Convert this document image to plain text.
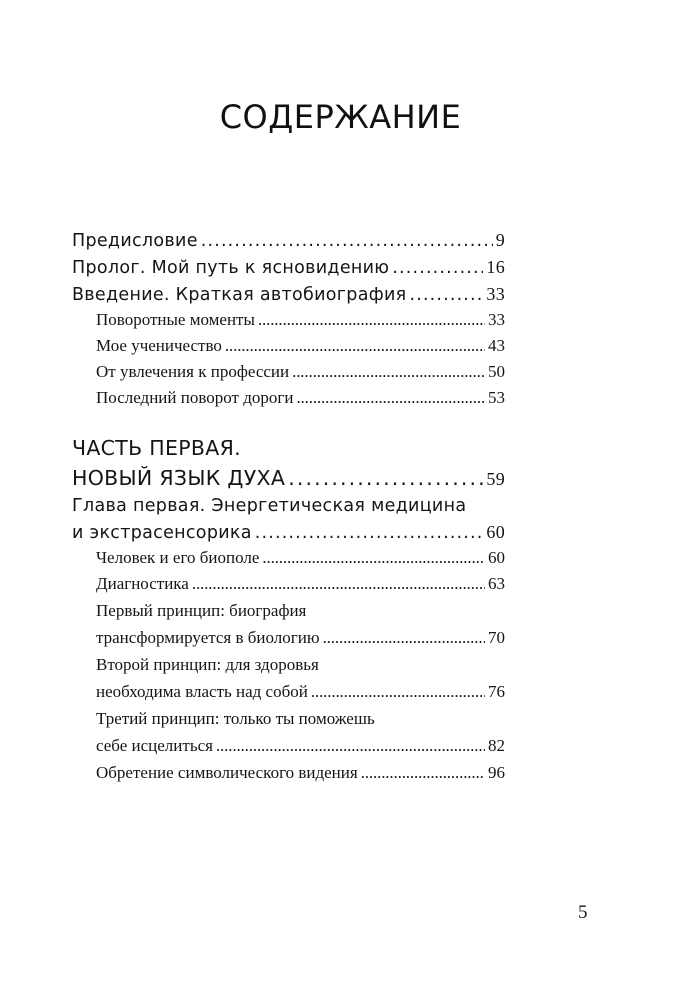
СОДЕРЖАНИЕ
Предисловие . . .	9
Пролог. Мой путь к ясновидению . . .	16
Введение. Краткая автобиография . . .	33
Поворотные моменты . . .	33
Мое ученичество . . .	43
От увлечения к профессии . . .	50
Последний поворот дороги . . .	53
ЧАСТЬ ПЕРВАЯ.
НОВЫЙ ЯЗЫК ДУХА . . .	59
Глава первая. Энергетическая медицина
и экстрасенсорика . . .	60
Человек и его биополе . . .	60
Диагностика . . .	63
Первый принцип: биография
трансформируется в биологию . . .	70
Второй принцип: для здоровья
необходима власть над собой . . .	76
Третий принцип: только ты поможешь
себе исцелиться . . .	82
Обретение символического видения . . .	96
5
